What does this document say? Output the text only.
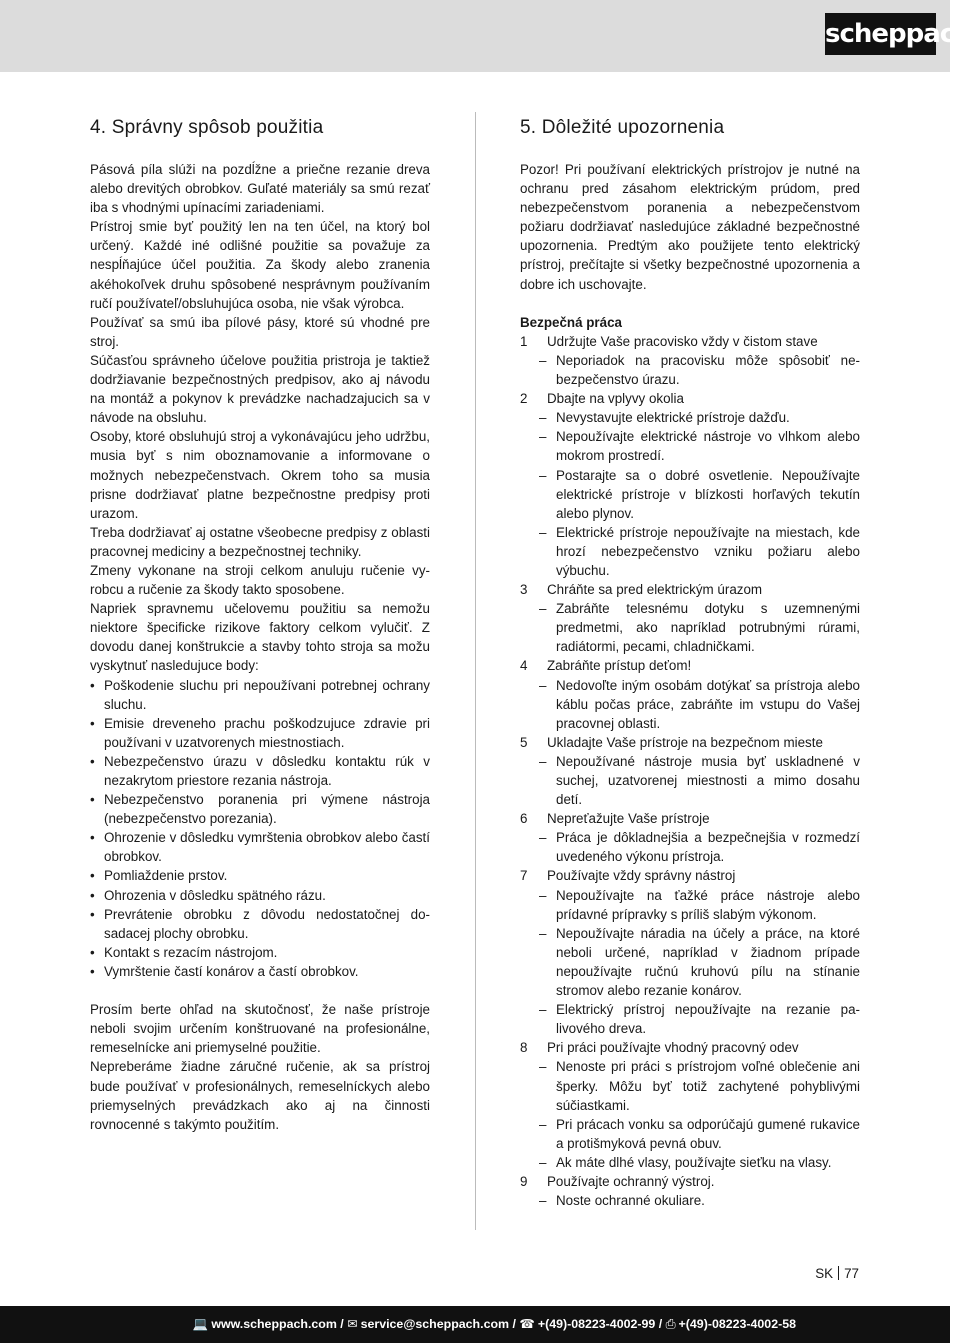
scheppach
4. Správny spôsob použitia

Pásová píla slúži na pozdĺžne a priečne rezanie dreva alebo drevitých obrobkov. Guľaté materiály sa smú rezať iba s vhodnými upínacími zariadeniami.

Prístroj smie byť použitý len na ten účel, na ktorý bol určený. Každé iné odlišné použitie sa považuje za nespĺňajúce účel použitia. Za škody alebo zranenia akéhokoľvek druhu spôsobené nesprávnym používaním ručí používateľ/obsluhujúca osoba, nie však výrobca.

Používať sa smú iba pílové pásy, ktoré sú vhodné pre stroj.

Súčasťou správneho účelove použitia pristroja je taktiež dodržiavanie bezpečnostných predpisov, ako aj návodu na montáž a pokynov k prevádzke nachadzajucich sa v návode na obsluhu.

Osoby, ktoré obsluhujú stroj a vykonávajúcu jeho udržbu, musia byť s nim oboznamovanie a informovane o možnych nebezpečenstvach. Okrem toho sa musia prisne dodržiavať platne bezpečnostne predpisy proti urazom.

Treba dodržiavať aj ostatne všeobecne predpisy z oblasti pracovnej mediciny a bezpečnostnej techniky.

Zmeny vykonane na stroji celkom anuluju ručenie vyrobcu a ručenie za škody takto sposobene.

Napriek spravnemu učelovemu použitiu sa nemožu niektore špecificke rizikove faktory celkom vylučiť. Z dovodu danej konštrukcie a stavby tohto stroja sa možu vyskytnuť nasledujuce body:

• Poškodenie sluchu pri nepoužívani potrebnej ochrany sluchu.
• Emisie dreveneho prachu poškodzujuce zdravie pri používani v uzatvorenych miestnostiach.
• Nebezpečenstvo úrazu v dôsledku kontaktu rúk v nezakrytom priestore rezania nástroja.
• Nebezpečenstvo poranenia pri výmene nástroja (nebezpečenstvo porezania).
• Ohrozenie v dôsledku vymrštenia obrobkov alebo častí obrobkov.
• Pomliaždenie prstov.
• Ohrozenia v dôsledku spätného rázu.
• Prevrátenie obrobku z dôvodu nedostatočnej dosadacej plochy obrobku.
• Kontakt s rezacím nástrojom.
• Vymrštenie častí konárov a častí obrobkov.

Prosím berte ohľad na skutočnosť, že naše prístroje neboli svojim určením konštruované na profesionálne, remeselnícke ani priemyselné použitie.

Nepreberáme žiadne záručné ručenie, ak sa prístroj bude používať v profesionálnych, remeselníckych alebo priemyselných prevádzkach ako aj na činnosti rovnocenné s takýmto použitím.

5. Dôležité upozornenia

Pozor! Pri používaní elektrických prístrojov je nutné na ochranu pred zásahom elektrickým prúdom, pred nebezpečenstvom poranenia a nebezpečenstvom požiaru dodržiavať nasledujúce základné bezpečnostné upozornenia. Predtým ako použijete tento elektrický prístroj, prečítajte si všetky bezpečnostné upozornenia a dobre ich uschovajte.

Bezpečná práca
1 Udržujte Vaše pracovisko vždy v čistom stave
– Neporiadok na pracovisku môže spôsobiť nebezpečenstvo úrazu.
2 Dbajte na vplyvy okolia
– Nevystavujte elektrické prístroje dažďu.
– Nepoužívajte elektrické nástroje vo vlhkom alebo mokrom prostredí.
– Postarajte sa o dobré osvetlenie. Nepoužívajte elektrické prístroje v blízkosti horľavých tekutín alebo plynov.
– Elektrické prístroje nepoužívajte na miestach, kde hrozí nebezpečenstvo vzniku požiaru alebo výbuchu.
3 Chráňte sa pred elektrickým úrazom
– Zabráňte telesnému dotyku s uzemnenými predmetmi, ako napríklad potrubnými rúrami, radiátormi, pecami, chladničkami.
4 Zabráňte prístup deťom!
– Nedovoľte iným osobám dotýkať sa prístroja alebo káblu počas práce, zabráňte im vstupu do Vašej pracovnej oblasti.
5 Ukladajte Vaše prístroje na bezpečnom mieste
– Nepoužívané nástroje musia byť uskladnené v suchej, uzatvorenej miestnosti a mimo dosahu detí.
6 Nepreťažujte Vaše prístroje
– Práca je dôkladnejšia a bezpečnejšia v rozmedzí uvedeného výkonu prístroja.
7 Používajte vždy správny nástroj
– Nepoužívajte na ťažké práce nástroje alebo prídavné prípravky s príliš slabým výkonom.
– Nepoužívajte náradia na účely a práce, na ktoré neboli určené, napríklad v žiadnom prípade nepoužívajte ručnú kruhovú pílu na stínanie stromov alebo rezanie konárov.
– Elektrický prístroj nepoužívajte na rezanie palivového dreva.
8 Pri práci používajte vhodný pracovný odev
– Nenoste pri práci s prístrojom voľné oblečenie ani šperky. Môžu byť totiž zachytené pohyblivými súčiastkami.
– Pri prácach vonku sa odporúčajú gumené rukavice a protišmyková pevná obuv.
– Ak máte dlhé vlasy, používajte sieťku na vlasy.
9 Používajte ochranný výstroj.
– Noste ochranné okuliare.
SK 77
💻 www.scheppach.com / ✉ service@scheppach.com / ☎ +(49)-08223-4002-99 / ⎙ +(49)-08223-4002-58
